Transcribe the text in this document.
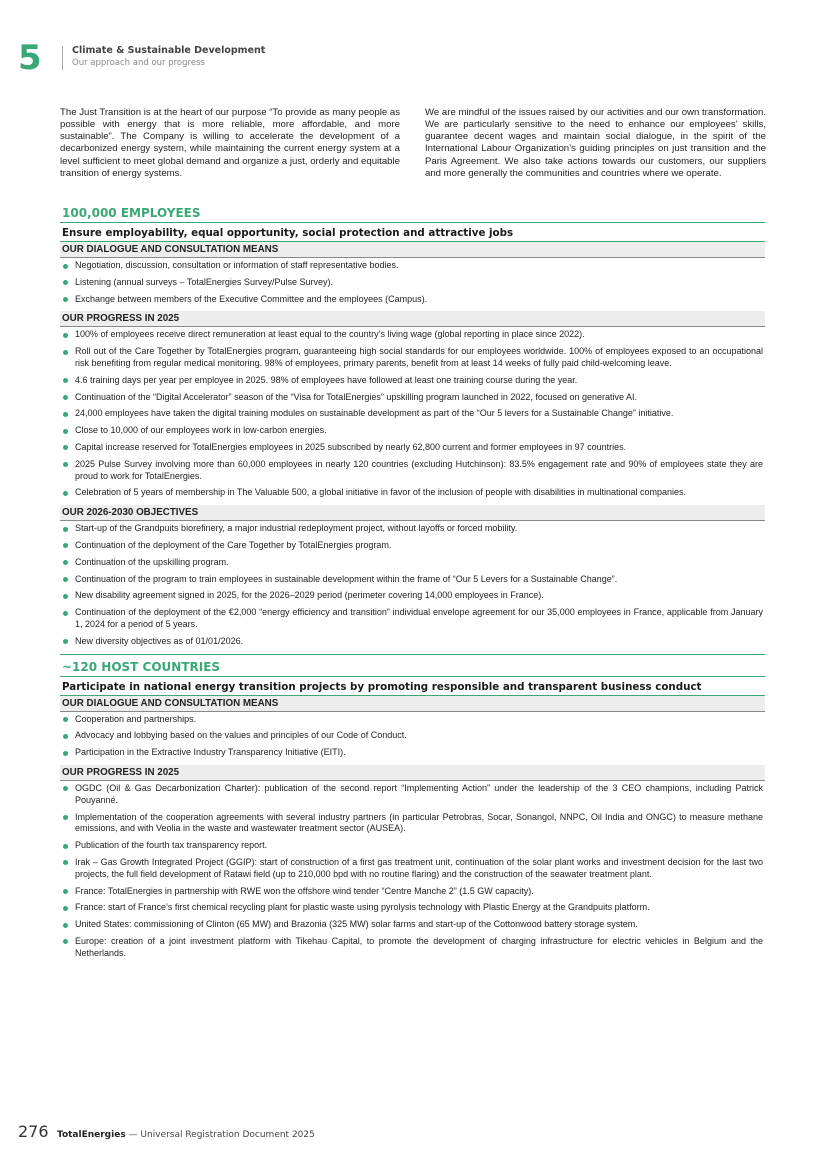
5	Climate & Sustainable Development
Our approach and our progress

The Just Transition is at the heart of our purpose “To provide as many people as possible with energy that is more reliable, more affordable, and more sustainable”. The Company is willing to accelerate the development of a decarbonized energy system, while maintaining the current energy system at a level sufficient to meet global demand and organize a just, orderly and equitable transition of energy systems.

We are mindful of the issues raised by our activities and our own transformation. We are particularly sensitive to the need to enhance our employees’ skills, guarantee decent wages and maintain social dialogue, in the spirit of the International Labour Organization’s guiding principles on just transition and the Paris Agreement. We also take actions towards our customers, our suppliers and more generally the communities and countries where we operate.

100,000 EMPLOYEES
Ensure employability, equal opportunity, social protection and attractive jobs
OUR DIALOGUE AND CONSULTATION MEANS
Negotiation, discussion, consultation or information of staff representative bodies.
Listening (annual surveys – TotalEnergies Survey/Pulse Survey).
Exchange between members of the Executive Committee and the employees (Campus).
OUR PROGRESS IN 2025
100% of employees receive direct remuneration at least equal to the country’s living wage (global reporting in place since 2022).
Roll out of the Care Together by TotalEnergies program, guaranteeing high social standards for our employees worldwide. 100% of employees exposed to an occupational risk benefiting from regular medical monitoring. 98% of employees, primary parents, benefit from at least 14 weeks of fully paid child-welcoming leave.
4.6 training days per year per employee in 2025. 98% of employees have followed at least one training course during the year.
Continuation of the “Digital Accelerator” season of the “Visa for TotalEnergies” upskilling program launched in 2022, focused on generative AI.
24,000 employees have taken the digital training modules on sustainable development as part of the “Our 5 levers for a Sustainable Change” initiative.
Close to 10,000 of our employees work in low-carbon energies.
Capital increase reserved for TotalEnergies employees in 2025 subscribed by nearly 62,800 current and former employees in 97 countries.
2025 Pulse Survey involving more than 60,000 employees in nearly 120 countries (excluding Hutchinson): 83.5% engagement rate and 90% of employees state they are proud to work for TotalEnergies.
Celebration of 5 years of membership in The Valuable 500, a global initiative in favor of the inclusion of people with disabilities in multinational companies.
OUR 2026-2030 OBJECTIVES
Start-up of the Grandpuits biorefinery, a major industrial redeployment project, without layoffs or forced mobility.
Continuation of the deployment of the Care Together by TotalEnergies program.
Continuation of the upskilling program.
Continuation of the program to train employees in sustainable development within the frame of “Our 5 Levers for a Sustainable Change”.
New disability agreement signed in 2025, for the 2026–2029 period (perimeter covering 14,000 employees in France).
Continuation of the deployment of the €2,000 “energy efficiency and transition” individual envelope agreement for our 35,000 employees in France, applicable from January 1, 2024 for a period of 5 years.
New diversity objectives as of 01/01/2026.
~120 HOST COUNTRIES
Participate in national energy transition projects by promoting responsible and transparent business conduct
OUR DIALOGUE AND CONSULTATION MEANS
Cooperation and partnerships.
Advocacy and lobbying based on the values and principles of our Code of Conduct.
Participation in the Extractive Industry Transparency Initiative (EITI).
OUR PROGRESS IN 2025
OGDC (Oil & Gas Decarbonization Charter): publication of the second report “Implementing Action” under the leadership of the 3 CEO champions, including Patrick Pouyanné.
Implementation of the cooperation agreements with several industry partners (in particular Petrobras, Socar, Sonangol, NNPC, Oil India and ONGC) to measure methane emissions, and with Veolia in the waste and wastewater treatment sector (AUSEA).
Publication of the fourth tax transparency report.
Irak – Gas Growth Integrated Project (GGIP): start of construction of a first gas treatment unit, continuation of the solar plant works and investment decision for the last two projects, the full field development of Ratawi field (up to 210,000 bpd with no routine flaring) and the construction of the seawater treatment plant.
France: TotalEnergies in partnership with RWE won the offshore wind tender “Centre Manche 2” (1.5 GW capacity).
France: start of France’s first chemical recycling plant for plastic waste using pyrolysis technology with Plastic Energy at the Grandpuits platform.
United States: commissioning of Clinton (65 MW) and Brazonia (325 MW) solar farms and start-up of the Cottonwood battery storage system.
Europe: creation of a joint investment platform with Tikehau Capital, to promote the development of charging infrastructure for electric vehicles in Belgium and the Netherlands.
276 TotalEnergies — Universal Registration Document 2025
